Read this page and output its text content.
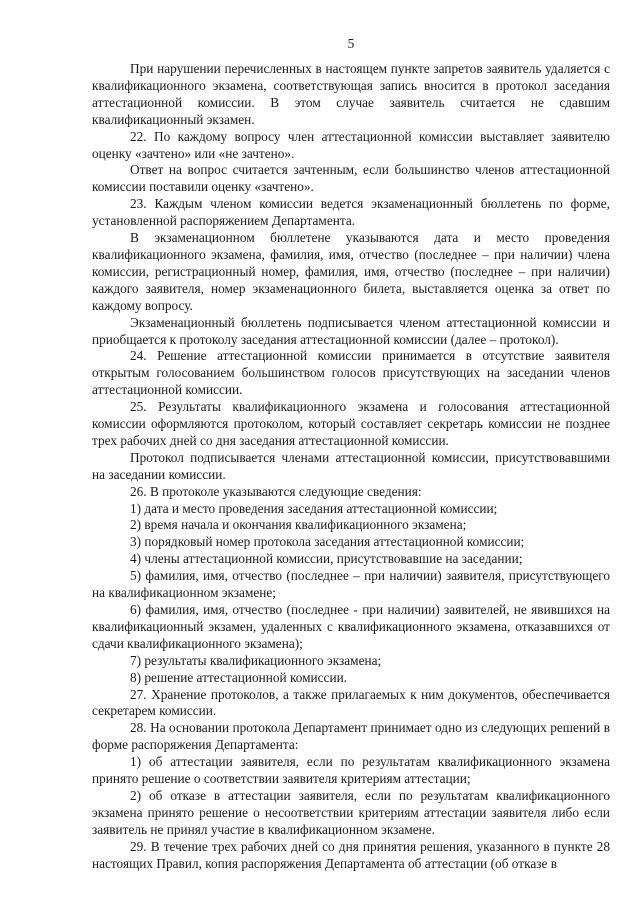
5

При нарушении перечисленных в настоящем пункте запретов заявитель удаляется с квалификационного экзамена, соответствующая запись вносится в протокол заседания аттестационной комиссии. В этом случае заявитель считается не сдавшим квалификационный экзамен.

22. По каждому вопросу член аттестационной комиссии выставляет заявителю оценку «зачтено» или «не зачтено».

Ответ на вопрос считается зачтенным, если большинство членов аттестационной комиссии поставили оценку «зачтено».

23. Каждым членом комиссии ведется экзаменационный бюллетень по форме, установленной распоряжением Департамента.

В экзаменационном бюллетене указываются дата и место проведения квалификационного экзамена, фамилия, имя, отчество (последнее – при наличии) члена комиссии, регистрационный номер, фамилия, имя, отчество (последнее – при наличии) каждого заявителя, номер экзаменационного билета, выставляется оценка за ответ по каждому вопросу.

Экзаменационный бюллетень подписывается членом аттестационной комиссии и приобщается к протоколу заседания аттестационной комиссии (далее – протокол).

24. Решение аттестационной комиссии принимается в отсутствие заявителя открытым голосованием большинством голосов присутствующих на заседании членов аттестационной комиссии.

25. Результаты квалификационного экзамена и голосования аттестационной комиссии оформляются протоколом, который составляет секретарь комиссии не позднее трех рабочих дней со дня заседания аттестационной комиссии.

Протокол подписывается членами аттестационной комиссии, присутствовавшими на заседании комиссии.

26. В протоколе указываются следующие сведения:

1) дата и место проведения заседания аттестационной комиссии;

2) время начала и окончания квалификационного экзамена;

3) порядковый номер протокола заседания аттестационной комиссии;

4) члены аттестационной комиссии, присутствовавшие на заседании;

5) фамилия, имя, отчество (последнее – при наличии) заявителя, присутствующего на квалификационном экзамене;

6) фамилия, имя, отчество (последнее - при наличии) заявителей, не явившихся на квалификационный экзамен, удаленных с квалификационного экзамена, отказавшихся от сдачи квалификационного экзамена);

7) результаты квалификационного экзамена;

8) решение аттестационной комиссии.

27. Хранение протоколов, а также прилагаемых к ним документов, обеспечивается секретарем комиссии.

28. На основании протокола Департамент принимает одно из следующих решений в форме распоряжения Департамента:

1) об аттестации заявителя, если по результатам квалификационного экзамена принято решение о соответствии заявителя критериям аттестации;

2) об отказе в аттестации заявителя, если по результатам квалификационного экзамена принято решение о несоответствии критериям аттестации заявителя либо если заявитель не принял участие в квалификационном экзамене.

29. В течение трех рабочих дней со дня принятия решения, указанного в пункте 28 настоящих Правил, копия распоряжения Департамента об аттестации (об отказе в
